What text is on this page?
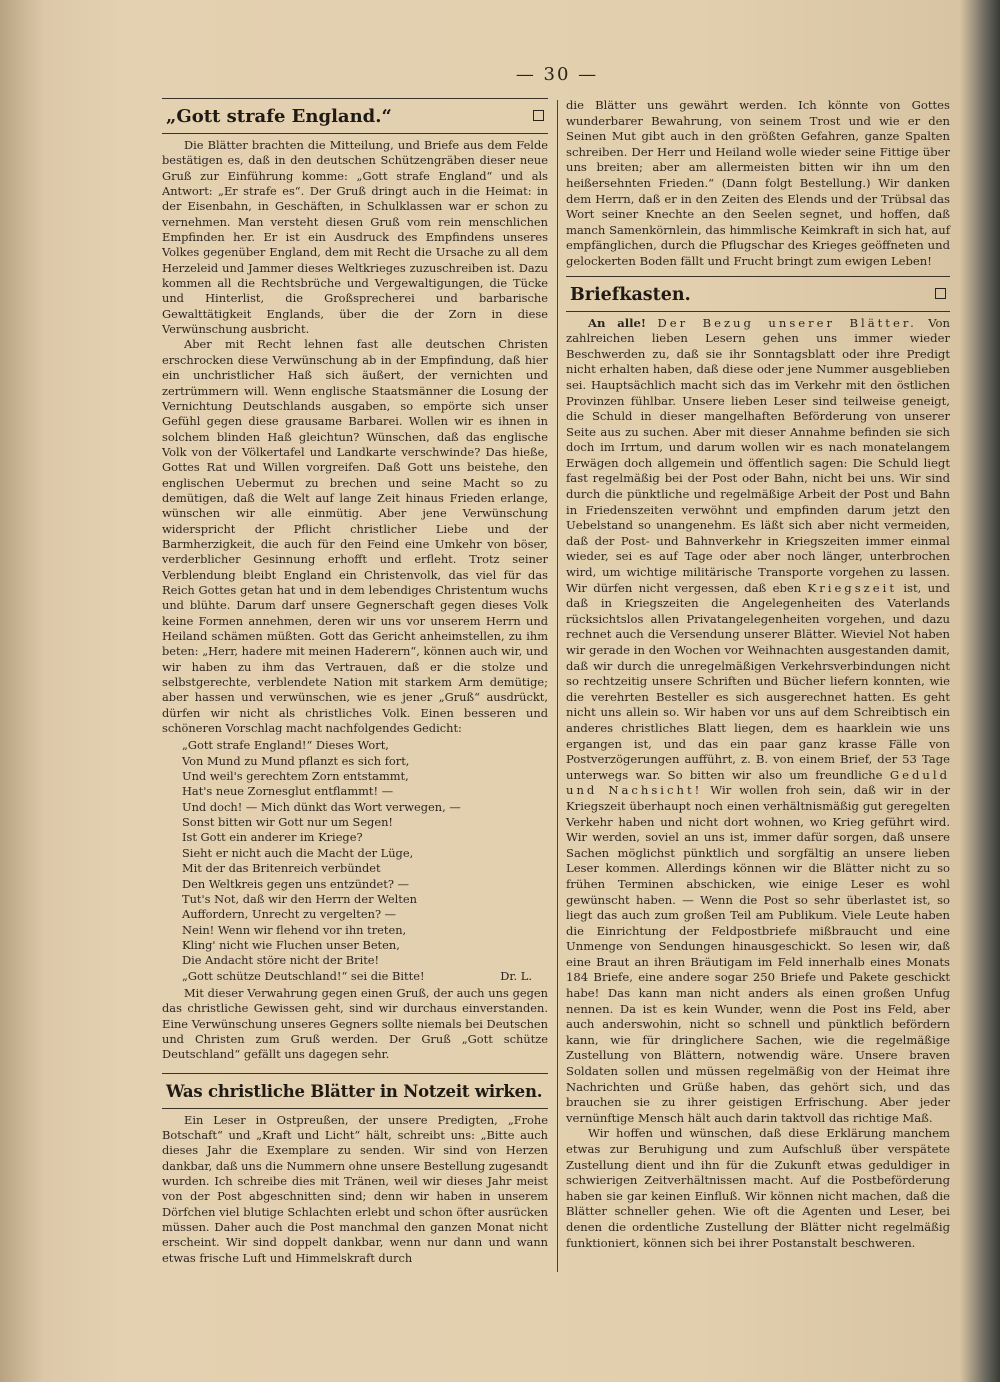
— 30 —
„Gott strafe England.“

Die Blätter brachten die Mitteilung, und Briefe aus dem Felde bestätigen es, daß in den deutschen Schützengräben dieser neue Gruß zur Einführung komme: „Gott strafe England“ und als Antwort: „Er strafe es“. Der Gruß dringt auch in die Heimat: in der Eisenbahn, in Geschäften, in Schulklassen war er schon zu vernehmen. Man versteht diesen Gruß vom rein menschlichen Empfinden her. Er ist ein Ausdruck des Empfindens unseres Volkes gegenüber England, dem mit Recht die Ursache zu all dem Herzeleid und Jammer dieses Weltkrieges zuzuschreiben ist. Dazu kommen all die Rechtsbrüche und Vergewaltigungen, die Tücke und Hinterlist, die Großsprecherei und barbarische Gewalttätigkeit Englands, über die der Zorn in diese Verwünschung ausbricht.

Aber mit Recht lehnen fast alle deutschen Christen erschrocken diese Verwünschung ab in der Empfindung, daß hier ein unchristlicher Haß sich äußert, der vernichten und zertrümmern will. Wenn englische Staatsmänner die Losung der Vernichtung Deutschlands ausgaben, so empörte sich unser Gefühl gegen diese grausame Barbarei. Wollen wir es ihnen in solchem blinden Haß gleichtun? Wünschen, daß das englische Volk von der Völkertafel und Landkarte verschwinde? Das hieße, Gottes Rat und Willen vorgreifen. Daß Gott uns beistehe, den englischen Uebermut zu brechen und seine Macht so zu demütigen, daß die Welt auf lange Zeit hinaus Frieden erlange, wünschen wir alle einmütig. Aber jene Verwünschung widerspricht der Pflicht christlicher Liebe und der Barmherzigkeit, die auch für den Feind eine Umkehr von böser, verderblicher Gesinnung erhofft und erfleht. Trotz seiner Verblendung bleibt England ein Christenvolk, das viel für das Reich Gottes getan hat und in dem lebendiges Christentum wuchs und blühte. Darum darf unsere Gegnerschaft gegen dieses Volk keine Formen annehmen, deren wir uns vor unserem Herrn und Heiland schämen müßten. Gott das Gericht anheimstellen, zu ihm beten: „Herr, hadere mit meinen Haderern“, können auch wir, und wir haben zu ihm das Vertrauen, daß er die stolze und selbstgerechte, verblendete Nation mit starkem Arm demütige; aber hassen und verwünschen, wie es jener „Gruß“ ausdrückt, dürfen wir nicht als christliches Volk. Einen besseren und schöneren Vorschlag macht nachfolgendes Gedicht:

„Gott strafe England!“ Dieses Wort,
Von Mund zu Mund pflanzt es sich fort,
Und weil's gerechtem Zorn entstammt,
Hat's neue Zornesglut entflammt! —
Und doch! — Mich dünkt das Wort verwegen, —
Sonst bitten wir Gott nur um Segen!
Ist Gott ein anderer im Kriege?
Sieht er nicht auch die Macht der Lüge,
Mit der das Britenreich verbündet
Den Weltkreis gegen uns entzündet? —
Tut's Not, daß wir den Herrn der Welten
Auffordern, Unrecht zu vergelten? —
Nein! Wenn wir flehend vor ihn treten,
Kling' nicht wie Fluchen unser Beten,
Die Andacht störe nicht der Brite!
„Gott schütze Deutschland!“ sei die Bitte!	Dr. L.

Mit dieser Verwahrung gegen einen Gruß, der auch uns gegen das christliche Gewissen geht, sind wir durchaus einverstanden. Eine Verwünschung unseres Gegners sollte niemals bei Deutschen und Christen zum Gruß werden. Der Gruß „Gott schütze Deutschland“ gefällt uns dagegen sehr.

Was christliche Blätter in Notzeit wirken.

Ein Leser in Ostpreußen, der unsere Predigten, „Frohe Botschaft“ und „Kraft und Licht“ hält, schreibt uns: „Bitte auch dieses Jahr die Exemplare zu senden. Wir sind von Herzen dankbar, daß uns die Nummern ohne unsere Bestellung zugesandt wurden. Ich schreibe dies mit Tränen, weil wir dieses Jahr meist von der Post abgeschnitten sind; denn wir haben in unserem Dörfchen viel blutige Schlachten erlebt und schon öfter ausrücken müssen. Daher auch die Post manchmal den ganzen Monat nicht erscheint. Wir sind doppelt dankbar, wenn nur dann und wann etwas frische Luft und Himmelskraft durch

die Blätter uns gewährt werden. Ich könnte von Gottes wunderbarer Bewahrung, von seinem Trost und wie er den Seinen Mut gibt auch in den größten Gefahren, ganze Spalten schreiben. Der Herr und Heiland wolle wieder seine Fittige über uns breiten; aber am allermeisten bitten wir ihn um den heißersehnten Frieden.“ (Dann folgt Bestellung.) Wir danken dem Herrn, daß er in den Zeiten des Elends und der Trübsal das Wort seiner Knechte an den Seelen segnet, und hoffen, daß manch Samenkörnlein, das himmlische Keimkraft in sich hat, auf empfänglichen, durch die Pflugschar des Krieges geöffneten und gelockerten Boden fällt und Frucht bringt zum ewigen Leben!

Briefkasten.

An alle! Der Bezug unserer Blätter. Von zahlreichen lieben Lesern gehen uns immer wieder Beschwerden zu, daß sie ihr Sonntagsblatt oder ihre Predigt nicht erhalten haben, daß diese oder jene Nummer ausgeblieben sei. Hauptsächlich macht sich das im Verkehr mit den östlichen Provinzen fühlbar. Unsere lieben Leser sind teilweise geneigt, die Schuld in dieser mangelhaften Beförderung von unserer Seite aus zu suchen. Aber mit dieser Annahme befinden sie sich doch im Irrtum, und darum wollen wir es nach monatelangem Erwägen doch allgemein und öffentlich sagen: Die Schuld liegt fast regelmäßig bei der Post oder Bahn, nicht bei uns. Wir sind durch die pünktliche und regelmäßige Arbeit der Post und Bahn in Friedenszeiten verwöhnt und empfinden darum jetzt den Uebelstand so unangenehm. Es läßt sich aber nicht vermeiden, daß der Post- und Bahnverkehr in Kriegszeiten immer einmal wieder, sei es auf Tage oder aber noch länger, unterbrochen wird, um wichtige militärische Transporte vorgehen zu lassen. Wir dürfen nicht vergessen, daß eben Kriegszeit ist, und daß in Kriegszeiten die Angelegenheiten des Vaterlands rücksichtslos allen Privatangelegenheiten vorgehen, und dazu rechnet auch die Versendung unserer Blätter. Wieviel Not haben wir gerade in den Wochen vor Weihnachten ausgestanden damit, daß wir durch die unregelmäßigen Verkehrsverbindungen nicht so rechtzeitig unsere Schriften und Bücher liefern konnten, wie die verehrten Besteller es sich ausgerechnet hatten. Es geht nicht uns allein so. Wir haben vor uns auf dem Schreibtisch ein anderes christliches Blatt liegen, dem es haarklein wie uns ergangen ist, und das ein paar ganz krasse Fälle von Postverzögerungen aufführt, z. B. von einem Brief, der 53 Tage unterwegs war. So bitten wir also um freundliche Geduld und Nachsicht! Wir wollen froh sein, daß wir in der Kriegszeit überhaupt noch einen verhältnismäßig gut geregelten Verkehr haben und nicht dort wohnen, wo Krieg geführt wird. Wir werden, soviel an uns ist, immer dafür sorgen, daß unsere Sachen möglichst pünktlich und sorgfältig an unsere lieben Leser kommen. Allerdings können wir die Blätter nicht zu so frühen Terminen abschicken, wie einige Leser es wohl gewünscht haben. — Wenn die Post so sehr überlastet ist, so liegt das auch zum großen Teil am Publikum. Viele Leute haben die Einrichtung der Feldpostbriefe mißbraucht und eine Unmenge von Sendungen hinausgeschickt. So lesen wir, daß eine Braut an ihren Bräutigam im Feld innerhalb eines Monats 184 Briefe, eine andere sogar 250 Briefe und Pakete geschickt habe! Das kann man nicht anders als einen großen Unfug nennen. Da ist es kein Wunder, wenn die Post ins Feld, aber auch anderswohin, nicht so schnell und pünktlich befördern kann, wie für dringlichere Sachen, wie die regelmäßige Zustellung von Blättern, notwendig wäre. Unsere braven Soldaten sollen und müssen regelmäßig von der Heimat ihre Nachrichten und Grüße haben, das gehört sich, und das brauchen sie zu ihrer geistigen Erfrischung. Aber jeder vernünftige Mensch hält auch darin taktvoll das richtige Maß.

Wir hoffen und wünschen, daß diese Erklärung manchem etwas zur Beruhigung und zum Aufschluß über verspätete Zustellung dient und ihn für die Zukunft etwas geduldiger in schwierigen Zeitverhältnissen macht. Auf die Postbeförderung haben sie gar keinen Einfluß. Wir können nicht machen, daß die Blätter schneller gehen. Wie oft die Agenten und Leser, bei denen die ordentliche Zustellung der Blätter nicht regelmäßig funktioniert, können sich bei ihrer Postanstalt beschweren.
